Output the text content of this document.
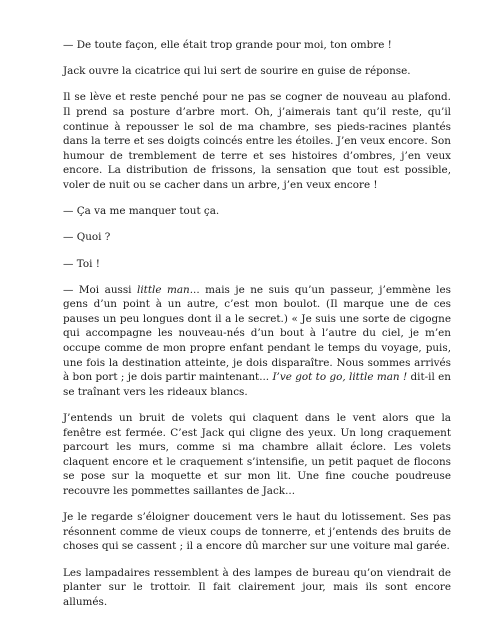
— De toute façon, elle était trop grande pour moi, ton ombre !

Jack ouvre la cicatrice qui lui sert de sourire en guise de réponse.

Il se lève et reste penché pour ne pas se cogner de nouveau au plafond. Il prend sa posture d’arbre mort. Oh, j’aimerais tant qu’il reste, qu’il continue à repousser le sol de ma chambre, ses pieds-racines plantés dans la terre et ses doigts coincés entre les étoiles. J’en veux encore. Son humour de tremblement de terre et ses histoires d’ombres, j’en veux encore. La distribution de frissons, la sensation que tout est possible, voler de nuit ou se cacher dans un arbre, j’en veux encore !

— Ça va me manquer tout ça.

— Quoi ?

— Toi !

— Moi aussi little man... mais je ne suis qu’un passeur, j’emmène les gens d’un point à un autre, c’est mon boulot. (Il marque une de ces pauses un peu longues dont il a le secret.) « Je suis une sorte de cigogne qui accompagne les nouveau-nés d’un bout à l’autre du ciel, je m’en occupe comme de mon propre enfant pendant le temps du voyage, puis, une fois la destination atteinte, je dois disparaître. Nous sommes arrivés à bon port ; je dois partir maintenant... I’ve got to go, little man ! dit-il en se traînant vers les rideaux blancs.

J’entends un bruit de volets qui claquent dans le vent alors que la fenêtre est fermée. C’est Jack qui cligne des yeux. Un long craquement parcourt les murs, comme si ma chambre allait éclore. Les volets claquent encore et le craquement s’intensifie, un petit paquet de flocons se pose sur la moquette et sur mon lit. Une fine couche poudreuse recouvre les pommettes saillantes de Jack...

Je le regarde s’éloigner doucement vers le haut du lotissement. Ses pas résonnent comme de vieux coups de tonnerre, et j’entends des bruits de choses qui se cassent ; il a encore dû marcher sur une voiture mal garée.

Les lampadaires ressemblent à des lampes de bureau qu’on viendrait de planter sur le trottoir. Il fait clairement jour, mais ils sont encore allumés.
